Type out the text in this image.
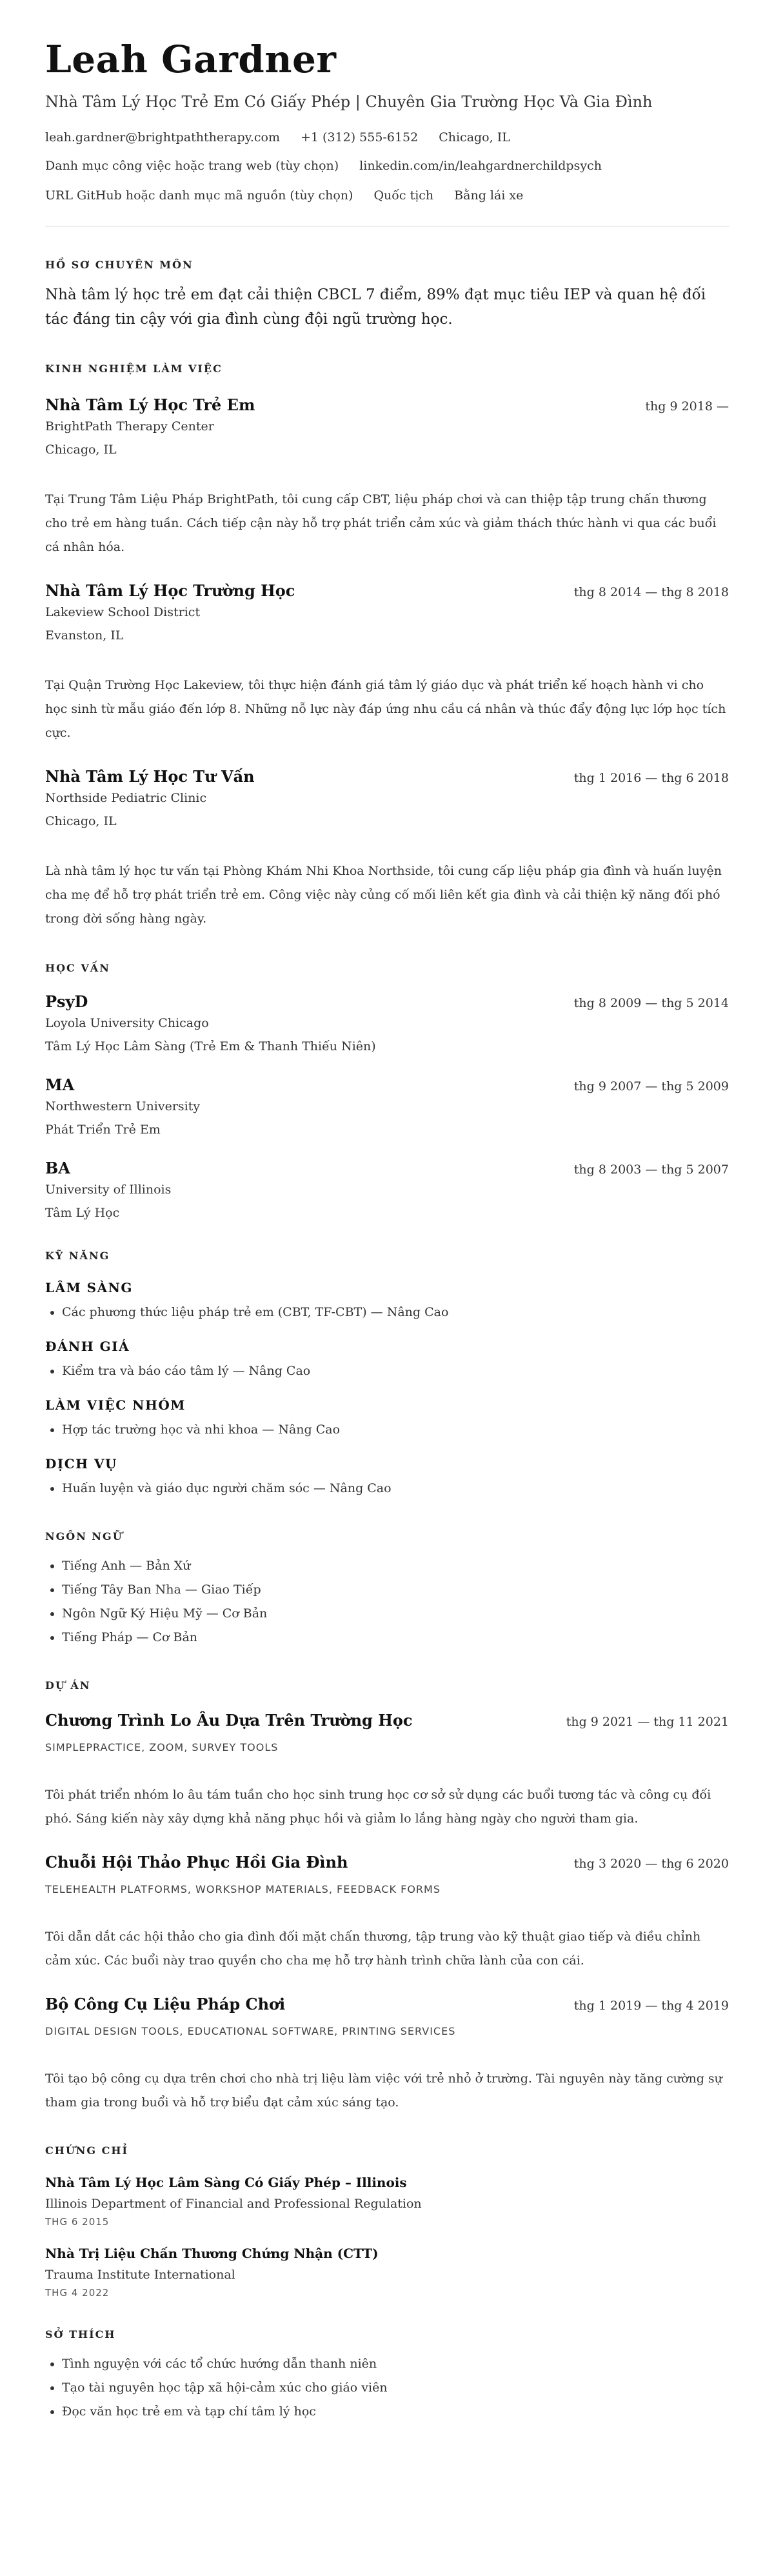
Leah Gardner
Nhà Tâm Lý Học Trẻ Em Có Giấy Phép | Chuyên Gia Trường Học Và Gia Đình
leah.gardner@brightpaththerapy.com +1 (312) 555-6152 Chicago, IL
Danh mục công việc hoặc trang web (tùy chọn) linkedin.com/in/leahgardnerchildpsych
URL GitHub hoặc danh mục mã nguồn (tùy chọn) Quốc tịch Bằng lái xe
HỒ SƠ CHUYÊN MÔN
Nhà tâm lý học trẻ em đạt cải thiện CBCL 7 điểm, 89% đạt mục tiêu IEP và quan hệ đối tác đáng tin cậy với gia đình cùng đội ngũ trường học.
KINH NGHIỆM LÀM VIỆC
Nhà Tâm Lý Học Trẻ Em	thg 9 2018 —
BrightPath Therapy Center
Chicago, IL
Tại Trung Tâm Liệu Pháp BrightPath, tôi cung cấp CBT, liệu pháp chơi và can thiệp tập trung chấn thương cho trẻ em hàng tuần. Cách tiếp cận này hỗ trợ phát triển cảm xúc và giảm thách thức hành vi qua các buổi cá nhân hóa.
Nhà Tâm Lý Học Trường Học	thg 8 2014 — thg 8 2018
Lakeview School District
Evanston, IL
Tại Quận Trường Học Lakeview, tôi thực hiện đánh giá tâm lý giáo dục và phát triển kế hoạch hành vi cho học sinh từ mẫu giáo đến lớp 8. Những nỗ lực này đáp ứng nhu cầu cá nhân và thúc đẩy động lực lớp học tích cực.
Nhà Tâm Lý Học Tư Vấn	thg 1 2016 — thg 6 2018
Northside Pediatric Clinic
Chicago, IL
Là nhà tâm lý học tư vấn tại Phòng Khám Nhi Khoa Northside, tôi cung cấp liệu pháp gia đình và huấn luyện cha mẹ để hỗ trợ phát triển trẻ em. Công việc này củng cố mối liên kết gia đình và cải thiện kỹ năng đối phó trong đời sống hàng ngày.
HỌC VẤN
PsyD	thg 8 2009 — thg 5 2014
Loyola University Chicago
Tâm Lý Học Lâm Sàng (Trẻ Em & Thanh Thiếu Niên)
MA	thg 9 2007 — thg 5 2009
Northwestern University
Phát Triển Trẻ Em
BA	thg 8 2003 — thg 5 2007
University of Illinois
Tâm Lý Học
KỸ NĂNG
LÂM SÀNG
• Các phương thức liệu pháp trẻ em (CBT, TF-CBT) — Nâng Cao
ĐÁNH GIÁ
• Kiểm tra và báo cáo tâm lý — Nâng Cao
LÀM VIỆC NHÓM
• Hợp tác trường học và nhi khoa — Nâng Cao
DỊCH VỤ
• Huấn luyện và giáo dục người chăm sóc — Nâng Cao
NGÔN NGỮ
• Tiếng Anh — Bản Xứ
• Tiếng Tây Ban Nha — Giao Tiếp
• Ngôn Ngữ Ký Hiệu Mỹ — Cơ Bản
• Tiếng Pháp — Cơ Bản
DỰ ÁN
Chương Trình Lo Âu Dựa Trên Trường Học	thg 9 2021 — thg 11 2021
SIMPLEPRACTICE, ZOOM, SURVEY TOOLS
Tôi phát triển nhóm lo âu tám tuần cho học sinh trung học cơ sở sử dụng các buổi tương tác và công cụ đối phó. Sáng kiến này xây dựng khả năng phục hồi và giảm lo lắng hàng ngày cho người tham gia.
Chuỗi Hội Thảo Phục Hồi Gia Đình	thg 3 2020 — thg 6 2020
TELEHEALTH PLATFORMS, WORKSHOP MATERIALS, FEEDBACK FORMS
Tôi dẫn dắt các hội thảo cho gia đình đối mặt chấn thương, tập trung vào kỹ thuật giao tiếp và điều chỉnh cảm xúc. Các buổi này trao quyền cho cha mẹ hỗ trợ hành trình chữa lành của con cái.
Bộ Công Cụ Liệu Pháp Chơi	thg 1 2019 — thg 4 2019
DIGITAL DESIGN TOOLS, EDUCATIONAL SOFTWARE, PRINTING SERVICES
Tôi tạo bộ công cụ dựa trên chơi cho nhà trị liệu làm việc với trẻ nhỏ ở trường. Tài nguyên này tăng cường sự tham gia trong buổi và hỗ trợ biểu đạt cảm xúc sáng tạo.
CHỨNG CHỈ
Nhà Tâm Lý Học Lâm Sàng Có Giấy Phép – Illinois
Illinois Department of Financial and Professional Regulation
THG 6 2015
Nhà Trị Liệu Chấn Thương Chứng Nhận (CTT)
Trauma Institute International
THG 4 2022
SỞ THÍCH
• Tình nguyện với các tổ chức hướng dẫn thanh niên
• Tạo tài nguyên học tập xã hội-cảm xúc cho giáo viên
• Đọc văn học trẻ em và tạp chí tâm lý học
